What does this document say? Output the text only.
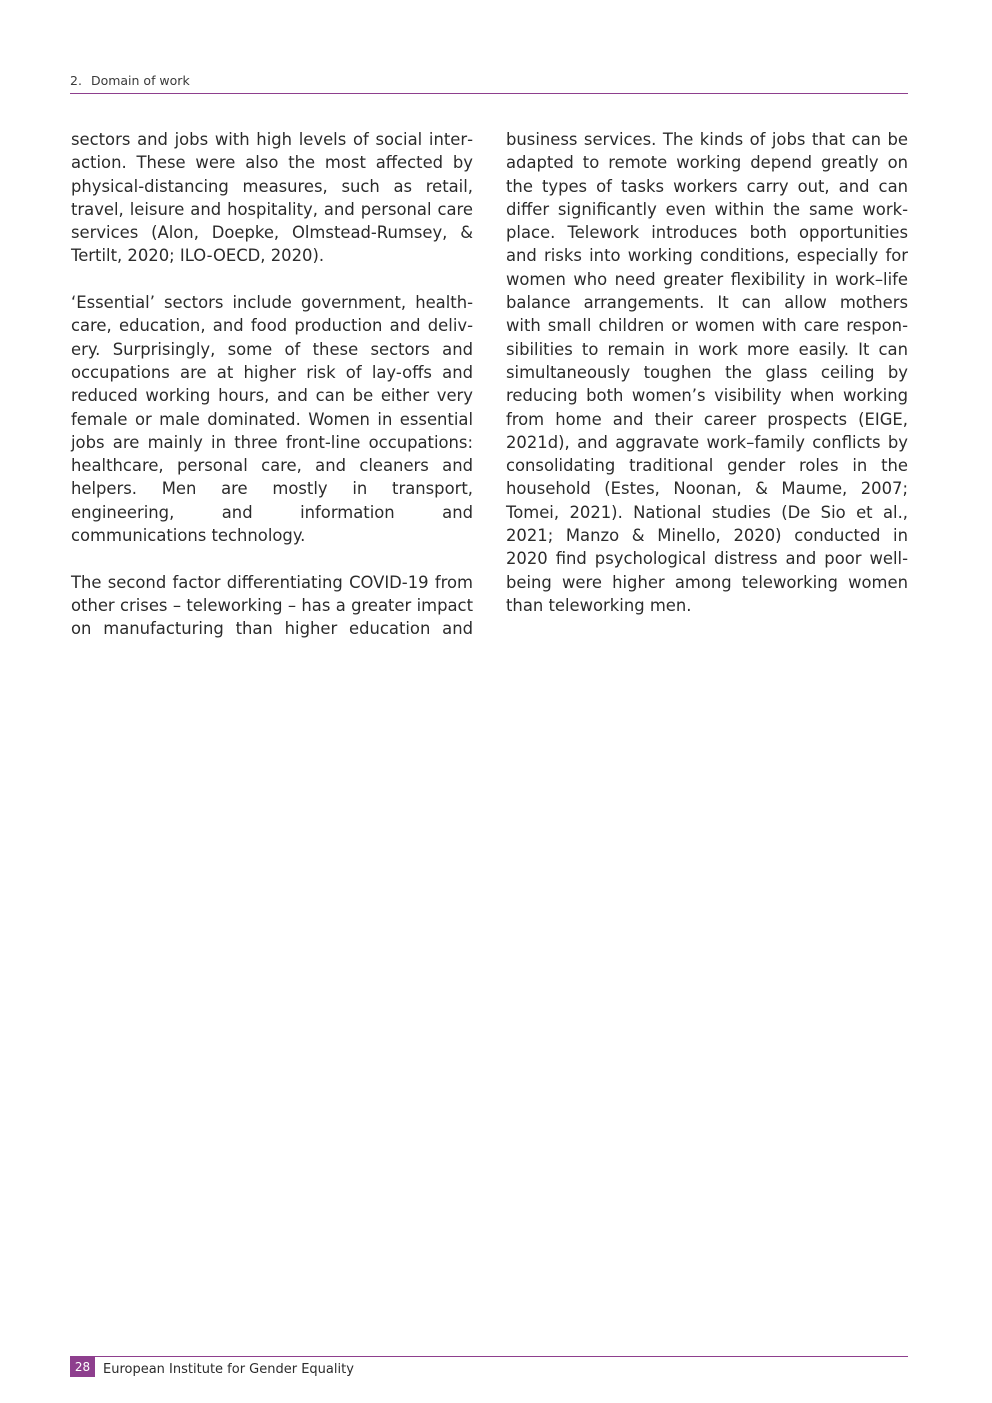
2. Domain of work

sectors and jobs with high levels of social interaction. These were also the most affected by physical-distancing measures, such as retail, travel, leisure and hospitality, and personal care services (Alon, Doepke, Olmstead-Rumsey, & Tertilt, 2020; ILO-OECD, 2020).

‘Essential’ sectors include government, healthcare, education, and food production and delivery. Surprisingly, some of these sectors and occupations are at higher risk of lay-offs and reduced working hours, and can be either very female or male dominated. Women in essential jobs are mainly in three front-line occupations: healthcare, personal care, and cleaners and helpers. Men are mostly in transport, engineering, and information and communications technology.

The second factor differentiating COVID-19 from other crises – teleworking – has a greater impact on manufacturing than higher education and

business services. The kinds of jobs that can be adapted to remote working depend greatly on the types of tasks workers carry out, and can differ significantly even within the same workplace. Telework introduces both opportunities and risks into working conditions, especially for women who need greater flexibility in work–life balance arrangements. It can allow mothers with small children or women with care responsibilities to remain in work more easily. It can simultaneously toughen the glass ceiling by reducing both women’s visibility when working from home and their career prospects (EIGE, 2021d), and aggravate work–family conflicts by consolidating traditional gender roles in the household (Estes, Noonan, & Maume, 2007; Tomei, 2021). National studies (De Sio et al., 2021; Manzo & Minello, 2020) conducted in 2020 find psychological distress and poor well-being were higher among teleworking women than teleworking men.

28 European Institute for Gender Equality
